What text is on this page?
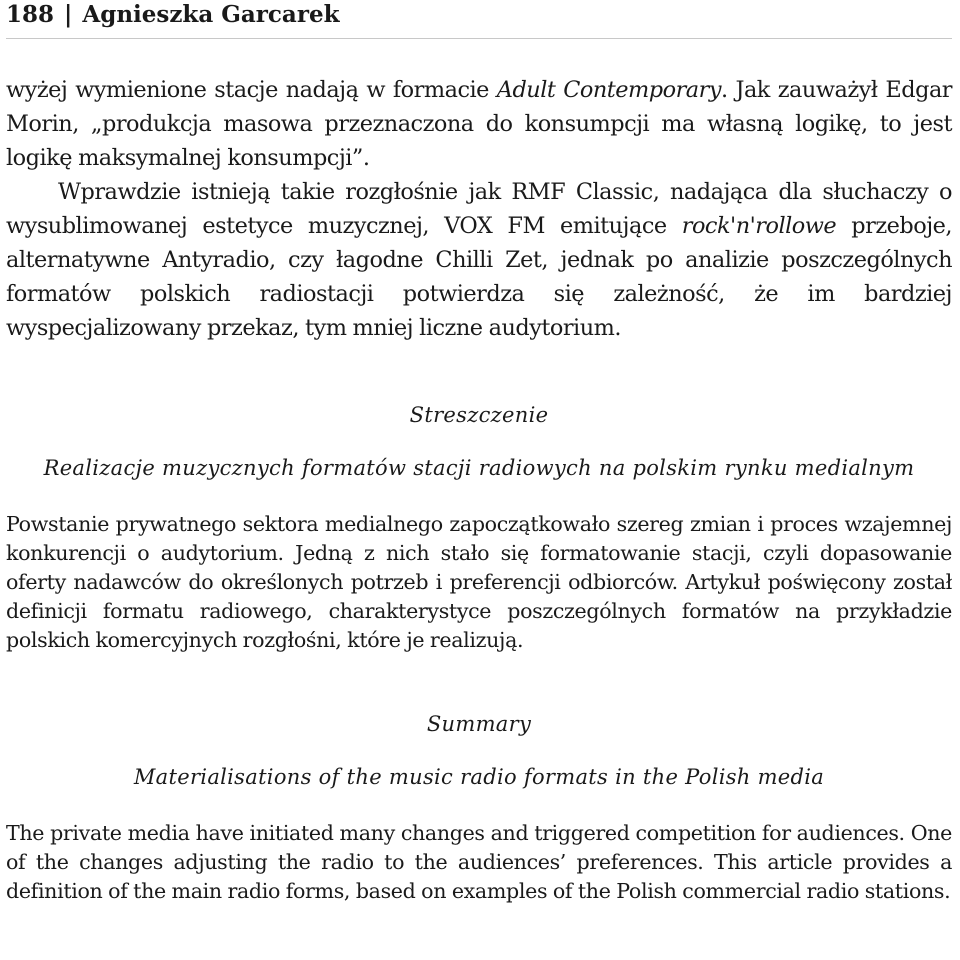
188 | Agnieszka Garcarek

wyżej wymienione stacje nadają w formacie Adult Contemporary. Jak zauważył Edgar Morin, „produkcja masowa przeznaczona do konsumpcji ma własną logikę, to jest logikę maksymalnej konsumpcji”.

Wprawdzie istnieją takie rozgłośnie jak RMF Classic, nadająca dla słuchaczy o wysublimowanej estetyce muzycznej, VOX FM emitujące rock'n'rollowe przeboje, alternatywne Antyradio, czy łagodne Chilli Zet, jednak po analizie poszczególnych formatów polskich radiostacji potwierdza się zależność, że im bardziej wyspecjalizowany przekaz, tym mniej liczne audytorium.

Streszczenie

Realizacje muzycznych formatów stacji radiowych na polskim rynku medialnym

Powstanie prywatnego sektora medialnego zapoczątkowało szereg zmian i proces wzajemnej konkurencji o audytorium. Jedną z nich stało się formatowanie stacji, czyli dopasowanie oferty nadawców do określonych potrzeb i preferencji odbiorców. Artykuł poświęcony został definicji formatu radiowego, charakterystyce poszczególnych formatów na przykładzie polskich komercyjnych rozgłośni, które je realizują.

Summary

Materialisations of the music radio formats in the Polish media

The private media have initiated many changes and triggered competition for audiences. One of the changes adjusting the radio to the audiences’ preferences. This article provides a definition of the main radio forms, based on examples of the Polish commercial radio stations.
